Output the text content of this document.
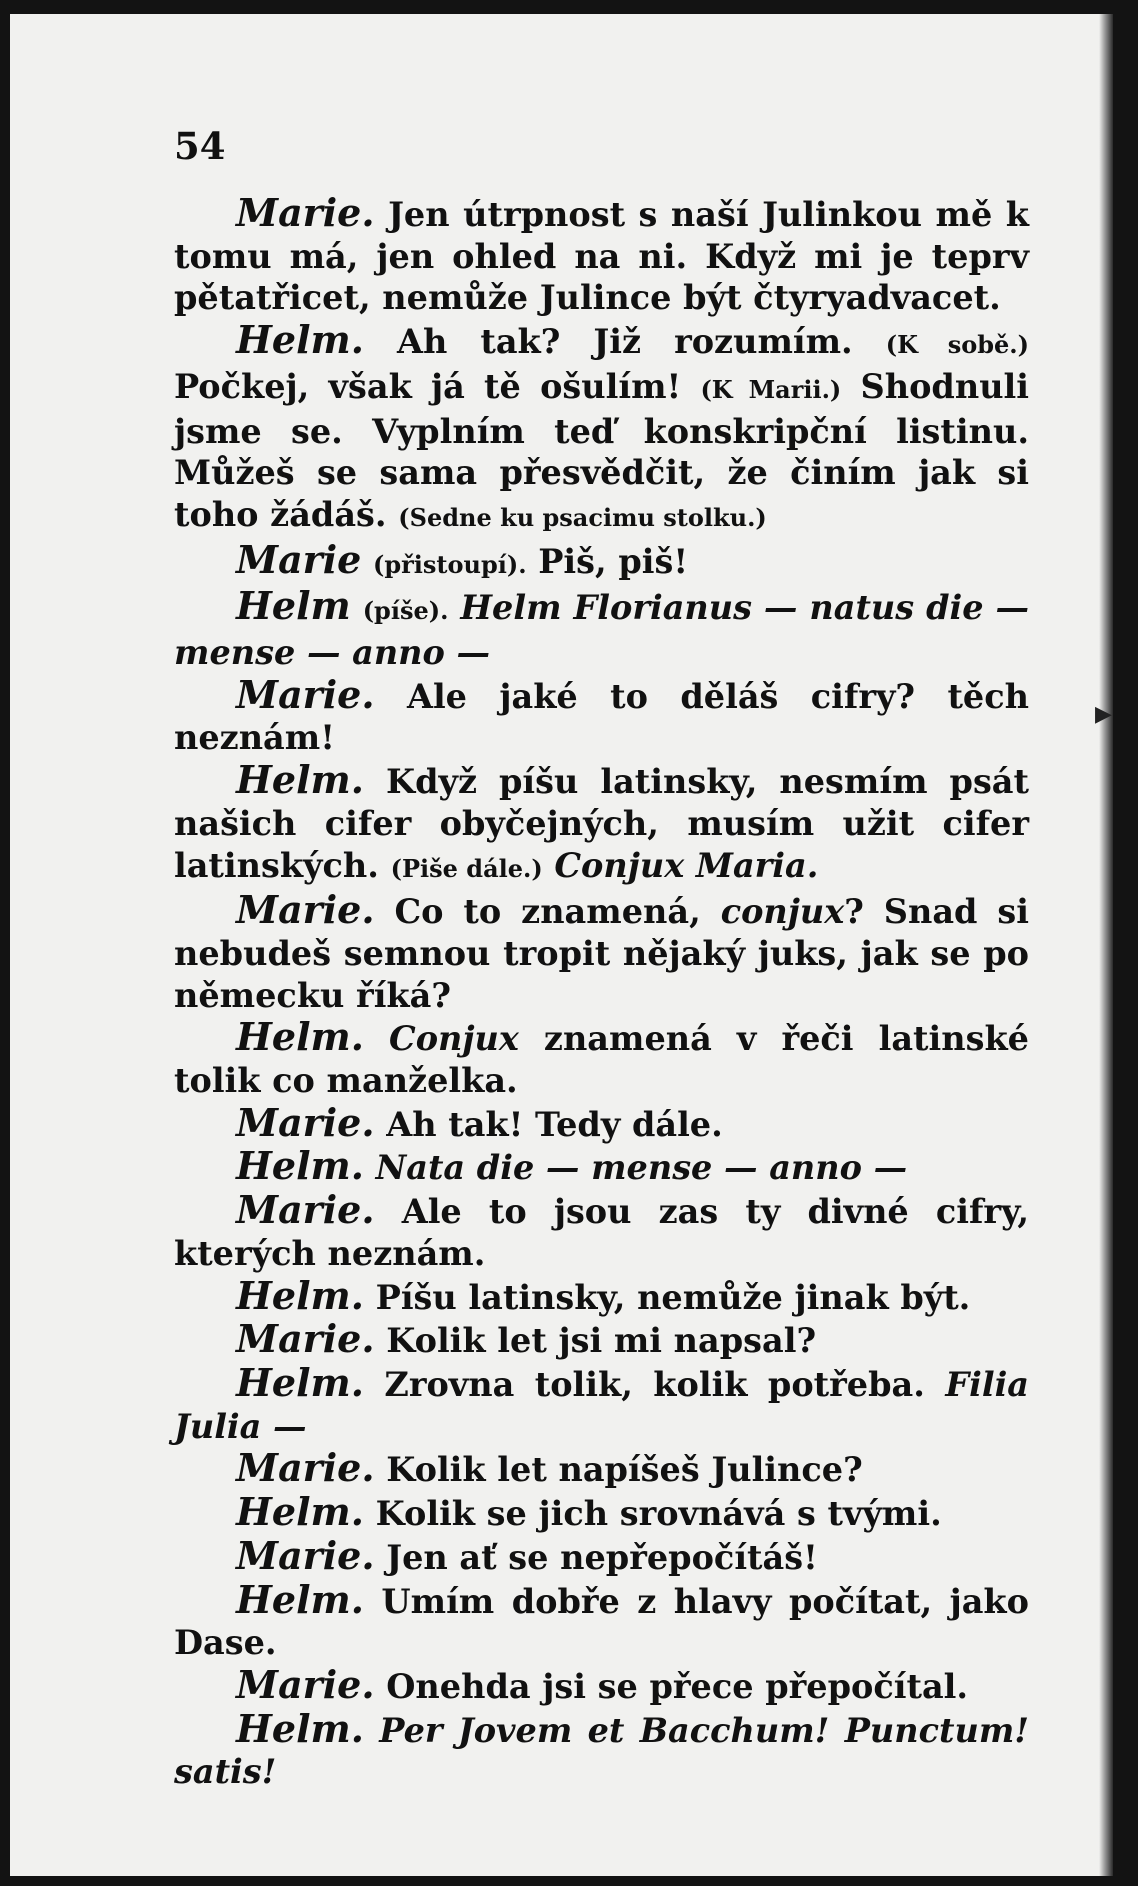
54

Marie. Jen útrpnost s naší Julinkou mě k tomu má, jen ohled na ni. Když mi je teprv pětatřicet, nemůže Julince být čtyryadvacet.

Helm. Ah tak? Již rozumím. (K sobě.) Počkej, však já tě ošulím! (K Marii.) Shodnuli jsme se. Vyplním teď konskripční listinu. Můžeš se sama přesvědčit, že činím jak si toho žádáš. (Sedne ku psacimu stolku.)

Marie (přistoupí). Piš, piš!

Helm (píše). Helm Florianus — natus die — mense — anno —

Marie. Ale jaké to děláš cifry? těch neznám!

Helm. Když píšu latinsky, nesmím psát našich cifer obyčejných, musím užit cifer latinských. (Piše dále.) Conjux Maria.

Marie. Co to znamená, conjux? Snad si nebudeš semnou tropit nějaký juks, jak se po německu říká?

Helm. Conjux znamená v řeči latinské tolik co manželka.

Marie. Ah tak! Tedy dále.

Helm. Nata die — mense — anno —

Marie. Ale to jsou zas ty divné cifry, kterých neznám.

Helm. Píšu latinsky, nemůže jinak být.

Marie. Kolik let jsi mi napsal?

Helm. Zrovna tolik, kolik potřeba. Filia Julia —

Marie. Kolik let napíšeš Julince?

Helm. Kolik se jich srovnává s tvými.

Marie. Jen ať se nepřepočítáš!

Helm. Umím dobře z hlavy počítat, jako Dase.

Marie. Onehda jsi se přece přepočítal.

Helm. Per Jovem et Bacchum! Punctum! satis!

▶
